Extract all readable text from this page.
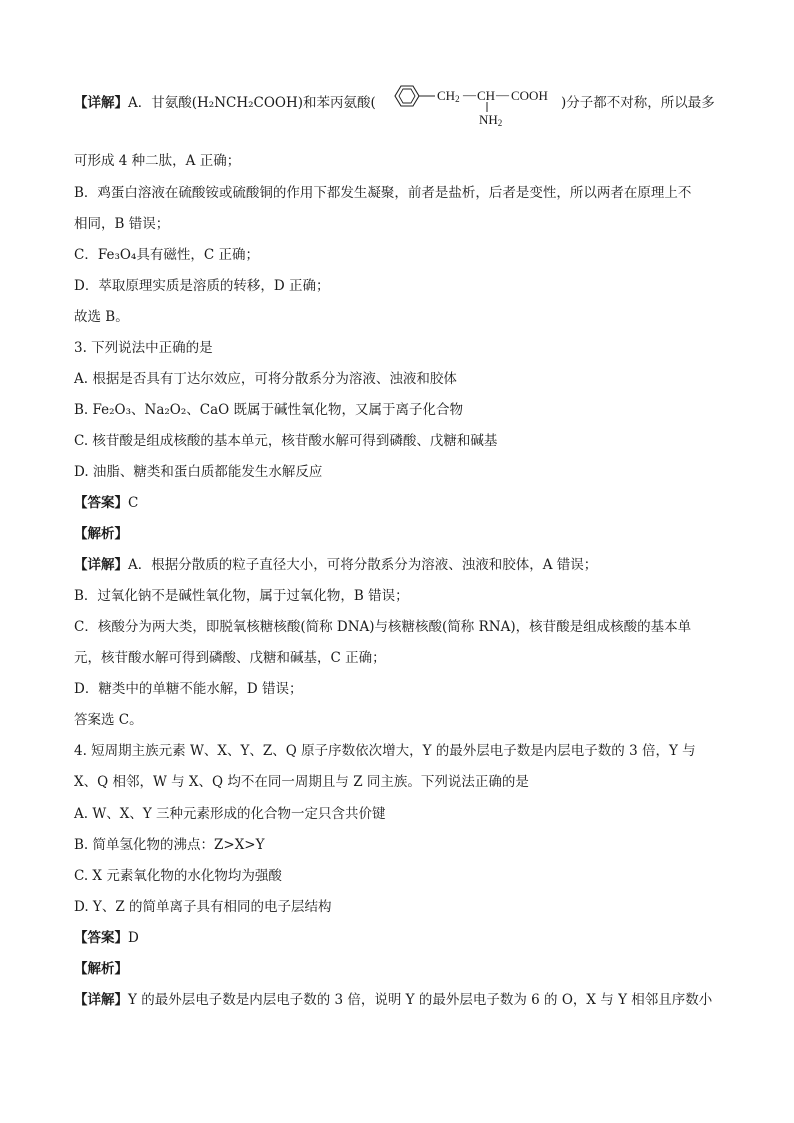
【详解】A．甘氨酸(H₂NCH₂COOH)和苯丙氨酸(	$CH_2$ — CH — COOH
$NH_2$
)分子都不对称，所以最多
可形成 4 种二肽，A 正确；
B．鸡蛋白溶液在硫酸铵或硫酸铜的作用下都发生凝聚，前者是盐析，后者是变性，所以两者在原理上不
相同，B 错误；
C．Fe₃O₄具有磁性，C 正确；
D．萃取原理实质是溶质的转移，D 正确；
故选 B。
3. 下列说法中正确的是
A. 根据是否具有丁达尔效应，可将分散系分为溶液、浊液和胶体
B. Fe₂O₃、Na₂O₂、CaO 既属于碱性氧化物，又属于离子化合物
C. 核苷酸是组成核酸的基本单元，核苷酸水解可得到磷酸、戊糖和碱基
D. 油脂、糖类和蛋白质都能发生水解反应
【答案】C
【解析】
【详解】A．根据分散质的粒子直径大小，可将分散系分为溶液、浊液和胶体，A 错误；
B．过氧化钠不是碱性氧化物，属于过氧化物，B 错误；
C．核酸分为两大类，即脱氧核糖核酸(简称 DNA)与核糖核酸(简称 RNA)，核苷酸是组成核酸的基本单
元，核苷酸水解可得到磷酸、戊糖和碱基，C 正确；
D．糖类中的单糖不能水解，D 错误；
答案选 C。
4. 短周期主族元素 W、X、Y、Z、Q 原子序数依次增大，Y 的最外层电子数是内层电子数的 3 倍，Y 与
X、Q 相邻，W 与 X、Q 均不在同一周期且与 Z 同主族。下列说法正确的是
A. W、X、Y 三种元素形成的化合物一定只含共价键
B. 简单氢化物的沸点：Z>X>Y
C. X 元素氧化物的水化物均为强酸
D. Y、Z 的简单离子具有相同的电子层结构
【答案】D
【解析】
【详解】Y 的最外层电子数是内层电子数的 3 倍，说明 Y 的最外层电子数为 6 的 O，X 与 Y 相邻且序数小
